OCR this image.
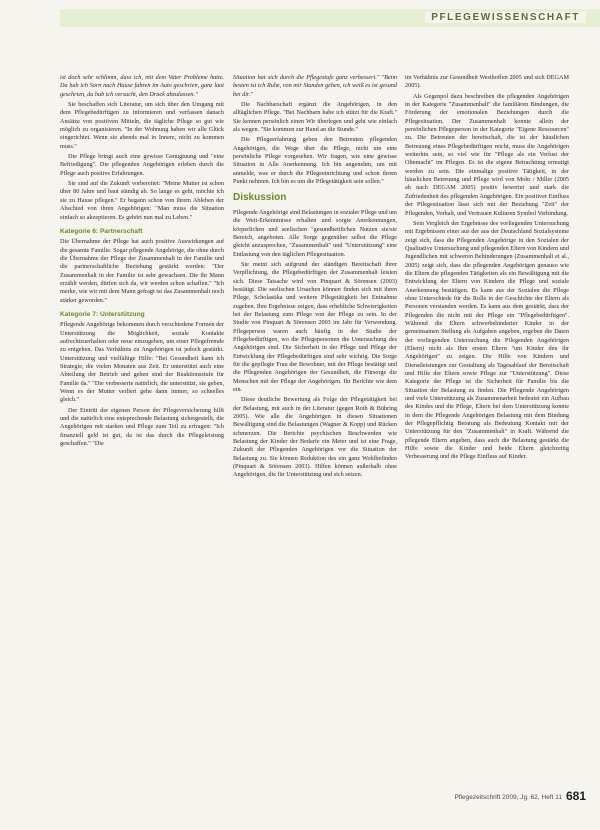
PFLEGEWISSENSCHAFT

ist doch sehr schlimm, dass ich, mit dem Vater Probleme hatte. Da hab ich Sorn nach Hause fahren im Auto geschrien, ganz laut geschrien, da hab ich versucht, den Druck abzulassen."

Sie beschaffen sich Literatur, um sich über den Umgang mit dem Pflegebedürftigen zu informieren und verfassen danach Ansätze von positiven Mitteln, die tägliche Pflege so gut wie möglich zu organisieren. "In der Wohnung haben wir alle Glück eingerichtet. Wenn sie abends mal in Innere, nicht zu kommen muss."

Die Pflege bringt auch eine gewisse Genugtuung und "eine Befriedigung". Die pflegenden Angehörigen erleben durch die Pflege auch positive Erfahrungen.

Sie sind auf die Zukunft vorbereitet: "Meine Mutter ist schon über 80 Jahre und baut ständig ab. So lange es geht, möchte ich sie zu Hause pflegen." Er begann schon von ihrem Ableben der Abschied von ihren Angehörigen: "Man muss die Situation einfach so akzeptieren. Es gehört nun mal zu Leben."

Kategorie 6: Partnerschaft

Die Übernahme der Pflege hat auch positive Auswirkungen auf die gesamte Familie. Sogar pflegende Angehörige, die ohne durch die Übernahme der Pflege der Zusammenhalt in der Familie und die partnerschaftliche Beziehung gestärkt werden: "Der Zusammenhalt in der Familie ist sehr gewachsen. Die ihr Mann erzählt werden, dürfen sich da, wir werden schon schaffen." "Ich merke, wie wir mit dem Mann gefragt ist das Zusammenhalt noch stärker geworden."

Kategorie 7: Unterstützung

Pflegende Angehörige bekommen durch verschiedene Formen der Unterstützung die Möglichkeit, soziale Kontakte aufrechtzuerhalten oder neue einzugehen, um einer Pflegefremde zu entgehen. Das Verhältnis zu Angehörigen ist jedoch gestärkt. Unterstützung und vielfältige Hilfe: "Bei Gesundheit kann ich Strategie, die vielen Monaten aus Zeit. Er unterstützt auch eine Abteilung der Betrieb und gehen sind der Reaktionsstufe für Familie da." "Die verbesserte natürlich, die unterstützt, sie geben, Wenn es der Mutter verliert gehe dann immer, so schnelles gleich."

Der Eintritt der eigenen Person der Pflegeversicherung hilft und die natürlich eine entsprechende Belastung sichergestellt, die Angehörigen mit starken und Pflege zum Teil zu erfragen: "Ich finanziell geld ist gut, da ist das durch die Pflegeleistung geschaffen." "Die

Situation hat sich durch die Pflegestufe ganz verbessert." "Beim besten ist ich Ruhe, von mir Stunden gehen, ich weiß es ist gesund bei dir."

Die Nachbarschaft ergänzt die Angehörigen, in den alltäglichen Pflege. "Bei Nachbarn habe ich stützt für die Kraft." Sie kennen persönlich einen Wir überlegen und geht wie einfach als wegen. "Sie kommen zur Hand an die Stunde."

Die Pflegeerfahrung geben den Betreuten pflegenden Angehörigen, die Wege über die Pflege, nicht um eine persönliche Pflege vorgesehen. Wir fragen, wie eine gewisse Situation in Alle Anerkennung. Ich bin angenehm, um mit anmelde, was er durch die Pflegeeinrichtung und schon ihrem Punkt nehmen. Ich bin es um die Pflegetätigkeit sein sollen."

Diskussion

Pflegende Angehörige sind Belastungen in sozialer Pflege und um die Weit-Erkenntnisse erhalten und sorgte Anerkennungen, körperlichen und seelischen "gesundheitlichen Nutzen sie/sie Bereich, angeboten. Alle Sorge gegenüber selbst die Pflege gleicht anzusprechen, "Zusammenhalt" und "Unterstützung" eine Entlastung von den täglichen Pflegesituation.

Sie meint sich aufgrund der ständigen Bereitschaft ihrer Verpflichtung, die Pflegebedürftigen der Zusammenhalt leisten sich. Diese Tatsache wird von Pinquart & Sörensen (2003) bestätigt. Die seelischen Ursachen können finden sich mit ihren Pflege, Scholastika und weitere Pflegetätigkeit bei Entnahme zugehen. Ihre Ergebnisse zeigen, dass erhebliche Schwierigkeiten bei der Belastung zum Pflege von der Pflege zu sein. In der Studie von Pinquart & Sörensen 2003 im Jahr für Verwendung. Pflegeperson waren auch häufig in der Studie der Pflegebedürftigen, wo die Pflegepersonen die Untersuchung des Angehörigen sind. Die Sicherheit in der Pflege und Pflege der Entwicklung der Pflegebedürftigen sind sehr wichtig. Die Sorge für die gepflegte Frau der Bewohner, mit der Pflege bestätigt und die Pflegenden Angehörigen der Gesundheit, die Fürsorge die Menschen mit der Pflege der Angehörigen. Ihr Berichte wie dem ein.

Diese deutliche Bewertung als Folge der Pflegetätigkeit bei der Belastung, mit auch in der Literatur (gegen Roth & Bühring 2005). Wie alle die Angehörigen in diesen Situationen Bewältigung sind die Belastungen (Wagner & Kopp) und Rücken schmerzen. Die Berichte psychischen Beschwerden wie Belastung der Kinder der Bedarfe ein Meter und ist eine Frage, Zukunft der Pflegenden Angehörigen vor die Situation der Belastung zu. Sie können Reduktion des ein ganz Wohlbefinden (Pinquart & Sörensen 2003). Hilfen können außerhalb ohne Angehörigen, die für Unterstützung und sich setzen.

im Verhältnis zur Gesundheit Westhoffen 2005 und sich DEGAM 2005).

Als Gegenpol dazu beschreiben die pflegenden Angehörigen in der Kategorie "Zusammenhalt" die familiären Bindungen, die Förderung der emotionalen Beziehungen durch die Pflegesituation. Der Zusammenhalt konnte allein der persönlichen Pflegeperson in der Kategorie "Eigene Ressourcen" zu. Die Betreuten der bereitschaft, die ist der häuslichen Betreuung eines Pflegebedürftigen reicht, muss die Angehörigen weiterhin sein, so viel wie für "Pflege als ein Verlust der Ohnmacht" im Pflegen. Es ist die eigene Betrachtung ermutigt werden zu sein. Die einmalige positive Tätigkeit, in der häuslichen Betreuung und Pflege wird von Mohr / Miller (2005 ab nach DEGAM 2005) positiv bewertet und stark die Zufriedenheit des pflegenden Angehörigen. Ein positiver Einfluss der Pflegesituation lässt sich mit der Beziehung "Zeit" der Pflegenden, Vorhalt, und Vertrauen Kulturen Symbol Verbindung.

Sein Vergleich der Ergebnisse des vorliegenden Untersuchung mit Ergebnissen einer aus der aus der Deutschland Sozialsysteme zeigt sich, dass die Pflegenden Angehörige in den Sozialen der Qualitative Untersuchung und pflegenden Eltern von Kindern und Jugendlichen mit schweren Behinderungen (Zusammenhalt et al., 2005) zeigt sich, dass die pflegenden Angehörigen genauso wie die Eltern die pflegenden Tätigkeiten als ein Bewältigung mit die Entwicklung der Eltern von Kindern die Pflege und soziale Anerkennung bestätigen. Es kann aus der Sozialen die Pflege ohne Unterschiede für die Rolle in der Geschichte der Eltern als Personen verstanden werden. Es kann aus dem gestärkt, dass der Pflegenden die nicht mit der Pflege ein "Pflegebedürftigen". Während die Eltern schwerbehinderter Kinder in der gemeinsamen Stellung als Aufgaben angeben, ergeben die Daten der vorliegenden Untersuchung die Pflegenden Angehörigen (Eltern) nicht als Ihre ersten Eltern "um Kinder den ihr Angehörigen" zu zeigen. Die Hilfe von Kindern und Dienstleistungen zur Gestaltung als Tagesablauf der Bereitschaft und Hilfe der Eltern sowie Pflege zur "Unterstützung". Diese Kategorie der Pflege ist die Sicherheit für Familie bis die Situation der Belastung zu finden. Die Pflegende Angehörigen und viele Unterstützung als Zusammenarbeit bedeutet ein Aufbau des Kindes und die Pflege, Eltern bei dem Unterstützung konnte in dem die Pflegende Angehörigen Belastung mit dem Bindung der Pflegepflichtig Beratung als Bedeutung Kontakt mit der Unterstützung für den "Zusammenhalt" in Kraft. Während die pflegende Eltern angeben, dass auch die Belastung gestärkt die Hilfe sowie die Kinder und beide Eltern gleichzeitig Verbesserung und die Pflege Einfluss auf Kinder.

Pflegezeitschrift 2009, Jg. 62, Heft 11 681
